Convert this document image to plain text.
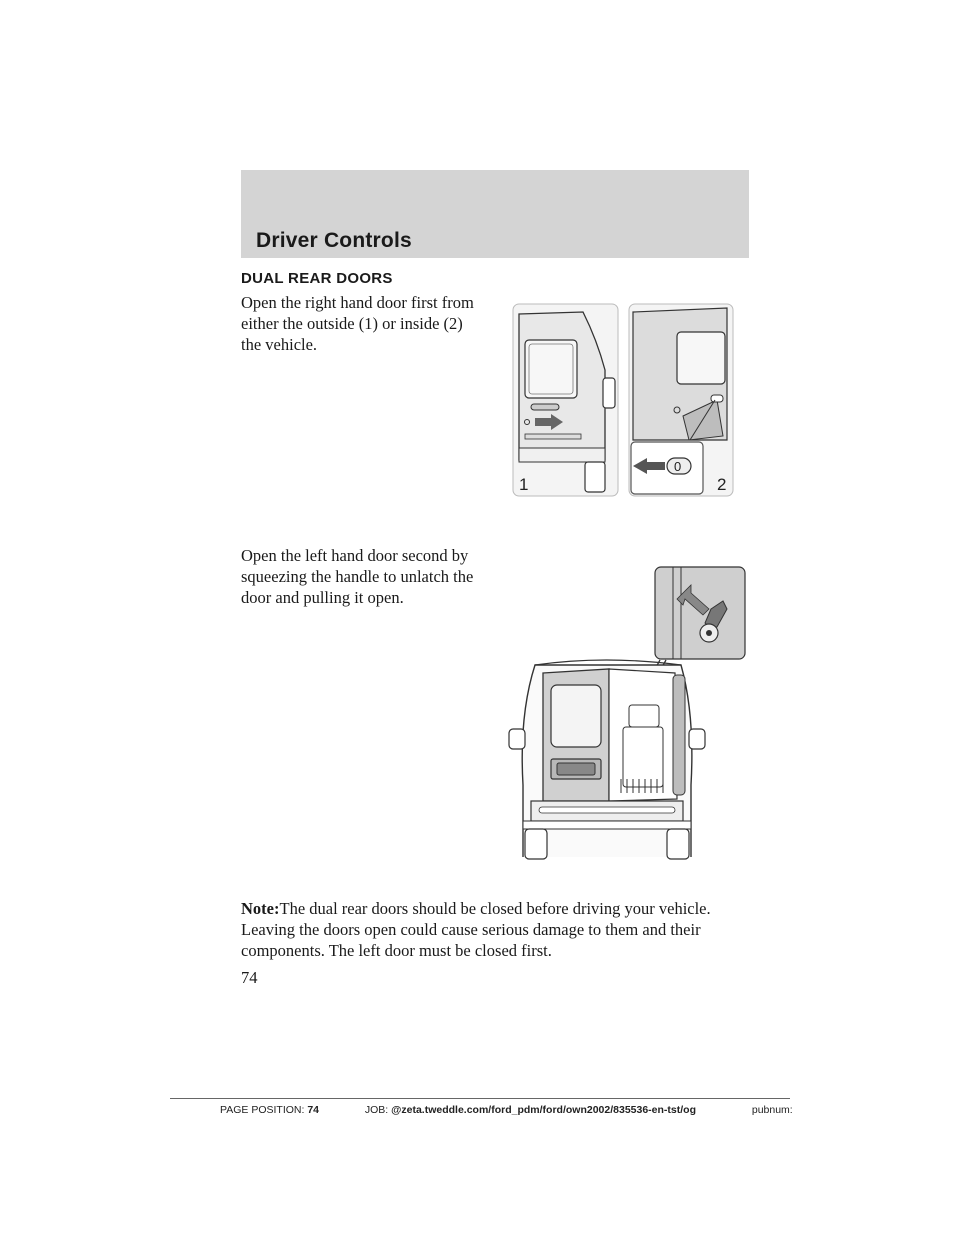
Driver Controls
DUAL REAR DOORS
Open the right hand door first from
either the outside (1) or inside (2)
the vehicle.
Open the left hand door second by
squeezing the handle to unlatch the
door and pulling it open.
1
0
2
Note:The dual rear doors should be closed before driving your vehicle.
Leaving the doors open could cause serious damage to them and their
components. The left door must be closed first.
74
PAGE POSITION: 74	JOB: @zeta.tweddle.com/ford_pdm/ford/own2002/835536-en-tst/og	pubnum:
